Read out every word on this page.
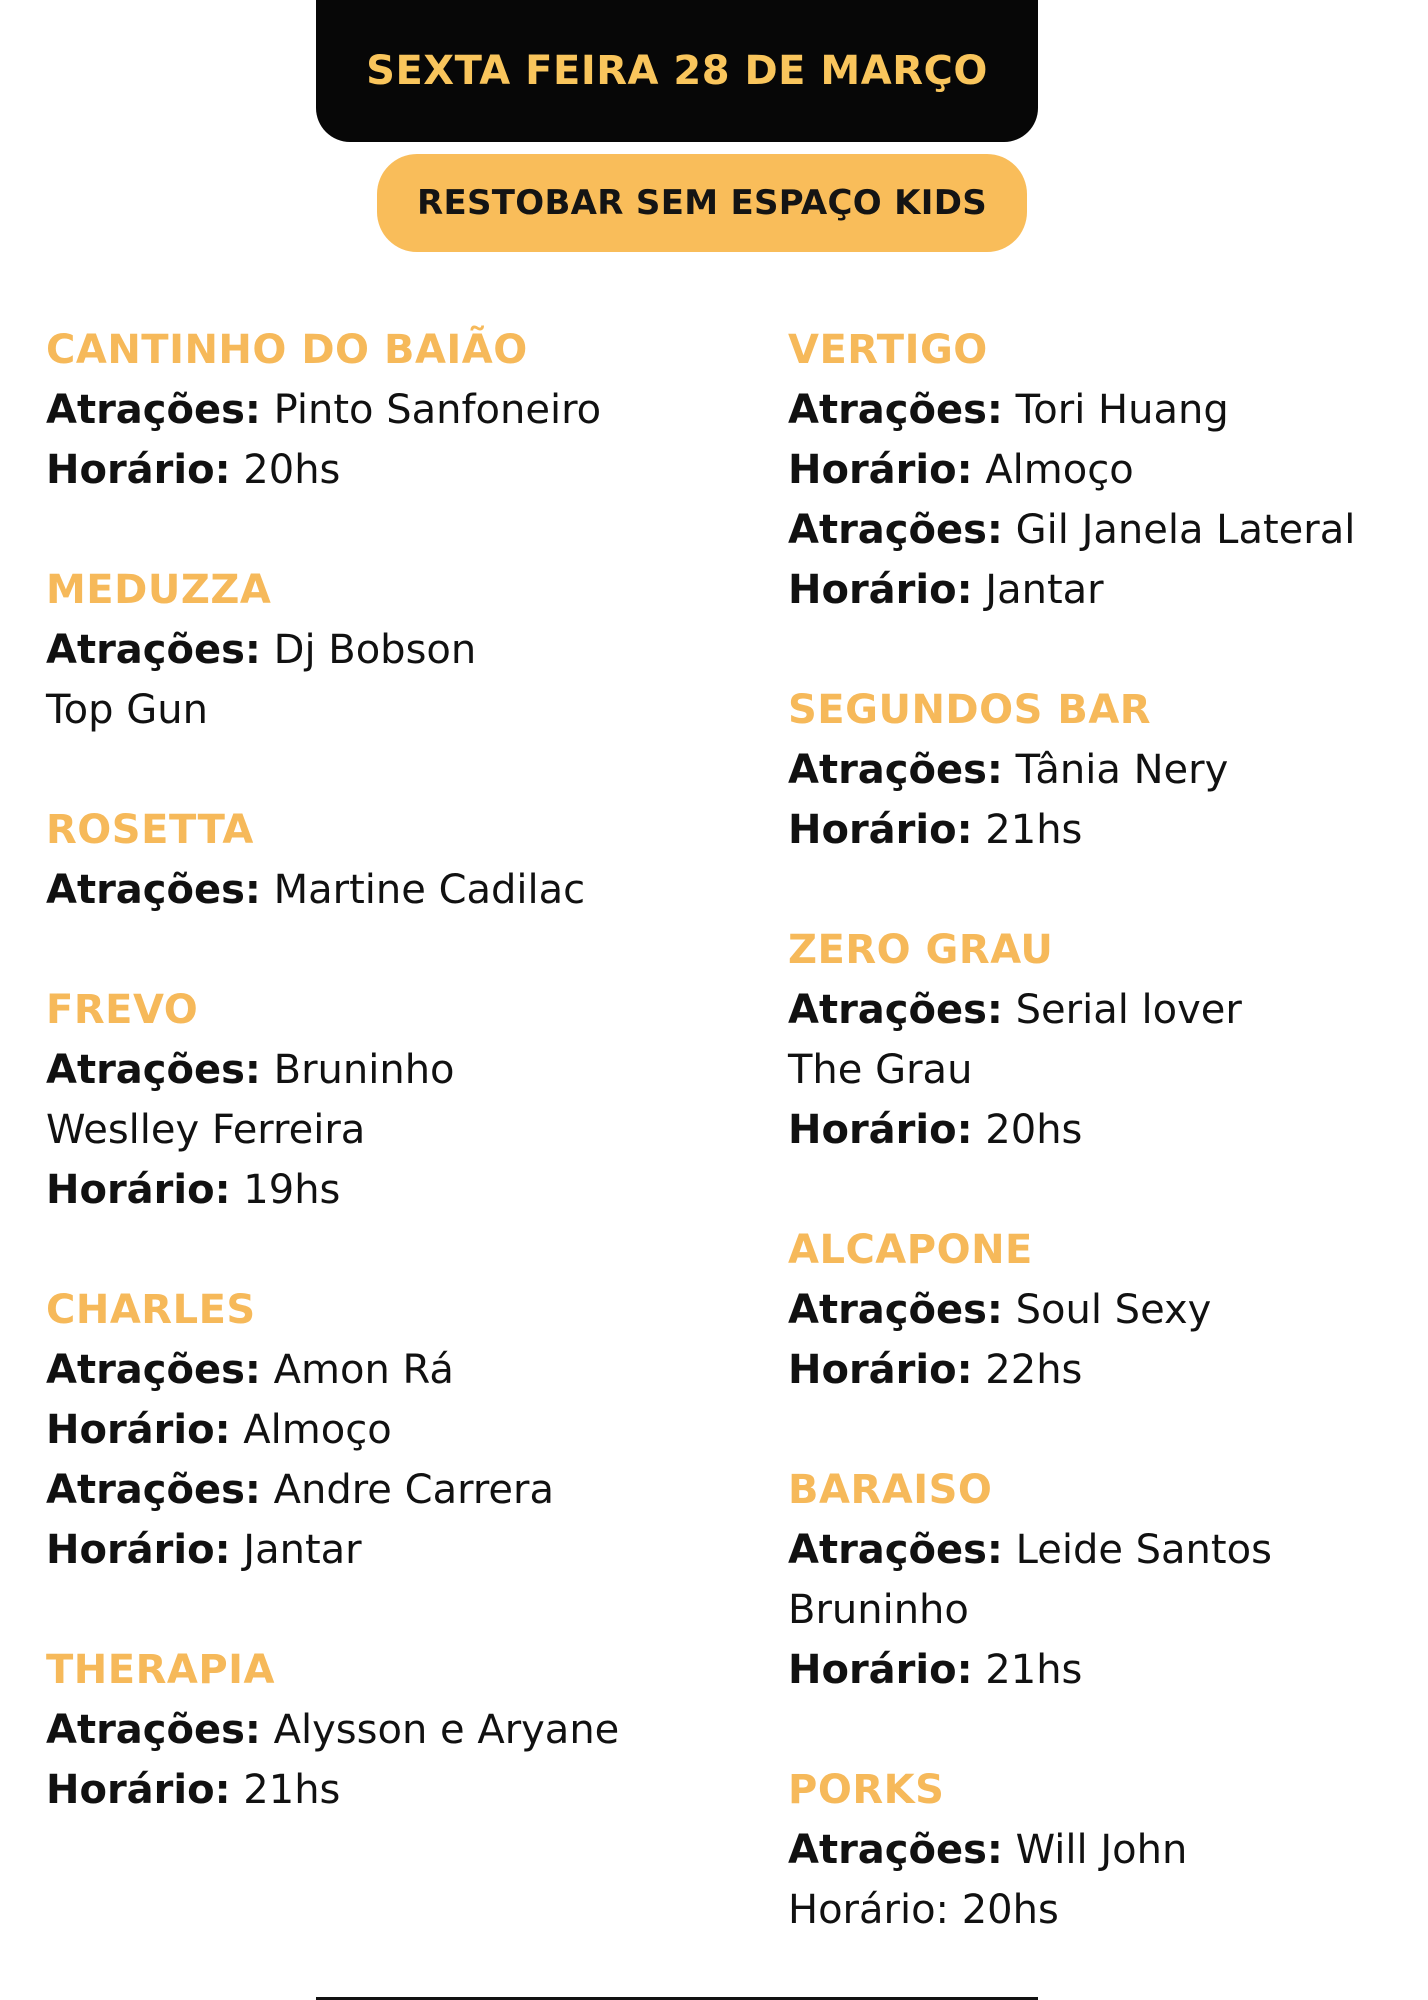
SEXTA FEIRA 28 DE MARÇO
RESTOBAR SEM ESPAÇO KIDS
CANTINHO DO BAIÃO
Atrações: Pinto Sanfoneiro
Horário: 20hs
MEDUZZA
Atrações: Dj Bobson
Top Gun
ROSETTA
Atrações: Martine Cadilac
FREVO
Atrações: Bruninho
Weslley Ferreira
Horário: 19hs
CHARLES
Atrações: Amon Rá
Horário: Almoço
Atrações: Andre Carrera
Horário: Jantar
THERAPIA
Atrações: Alysson e Aryane
Horário: 21hs
VERTIGO
Atrações: Tori Huang
Horário: Almoço
Atrações: Gil Janela Lateral
Horário: Jantar
SEGUNDOS BAR
Atrações: Tânia Nery
Horário: 21hs
ZERO GRAU
Atrações: Serial lover
The Grau
Horário: 20hs
ALCAPONE
Atrações: Soul Sexy
Horário: 22hs
BARAISO
Atrações: Leide Santos
Bruninho
Horário: 21hs
PORKS
Atrações: Will John
Horário: 20hs
